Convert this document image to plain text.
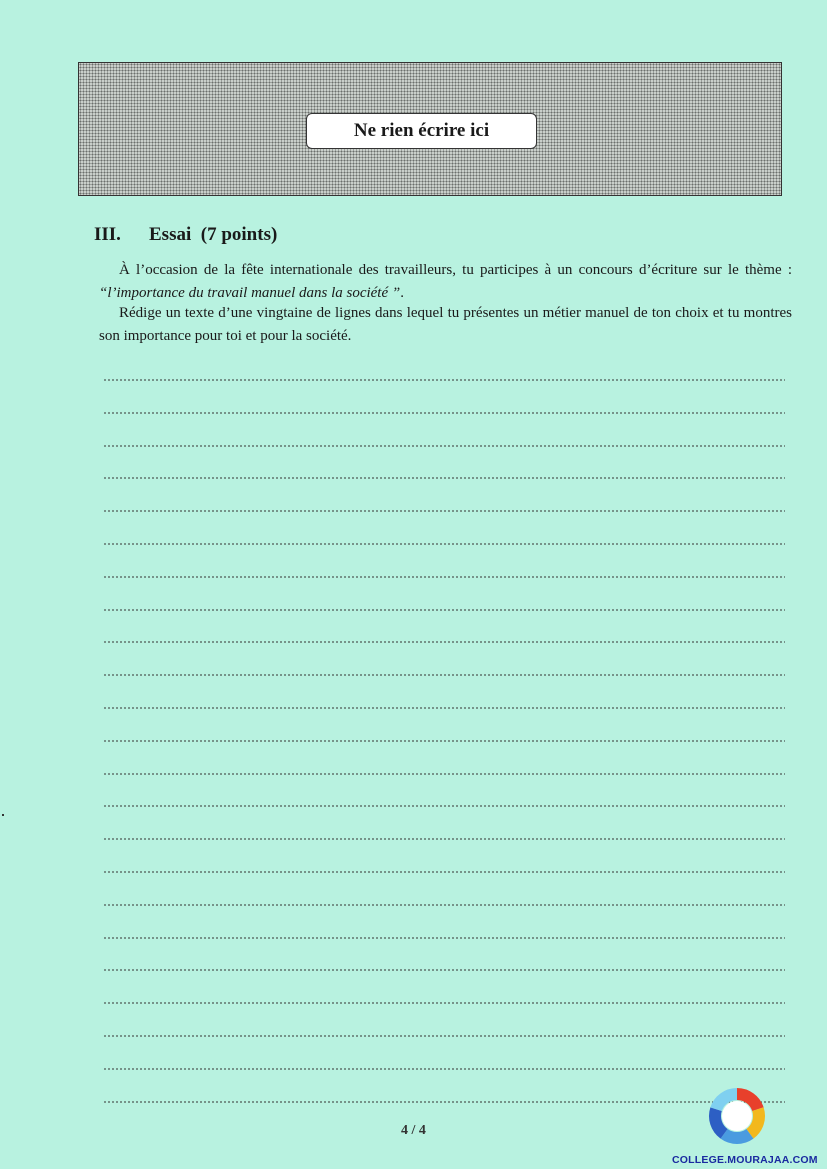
Ne rien écrire ici
III. Essai (7 points)
À l’occasion de la fête internationale des travailleurs, tu participes à un concours d’écriture sur le thème : “l’importance du travail manuel dans la société ”.
Rédige un texte d’une vingtaine de lignes dans lequel tu présentes un métier manuel de ton choix et tu montres son importance pour toi et pour la société.
4 / 4
COLLEGE.MOURAJAA.COM
